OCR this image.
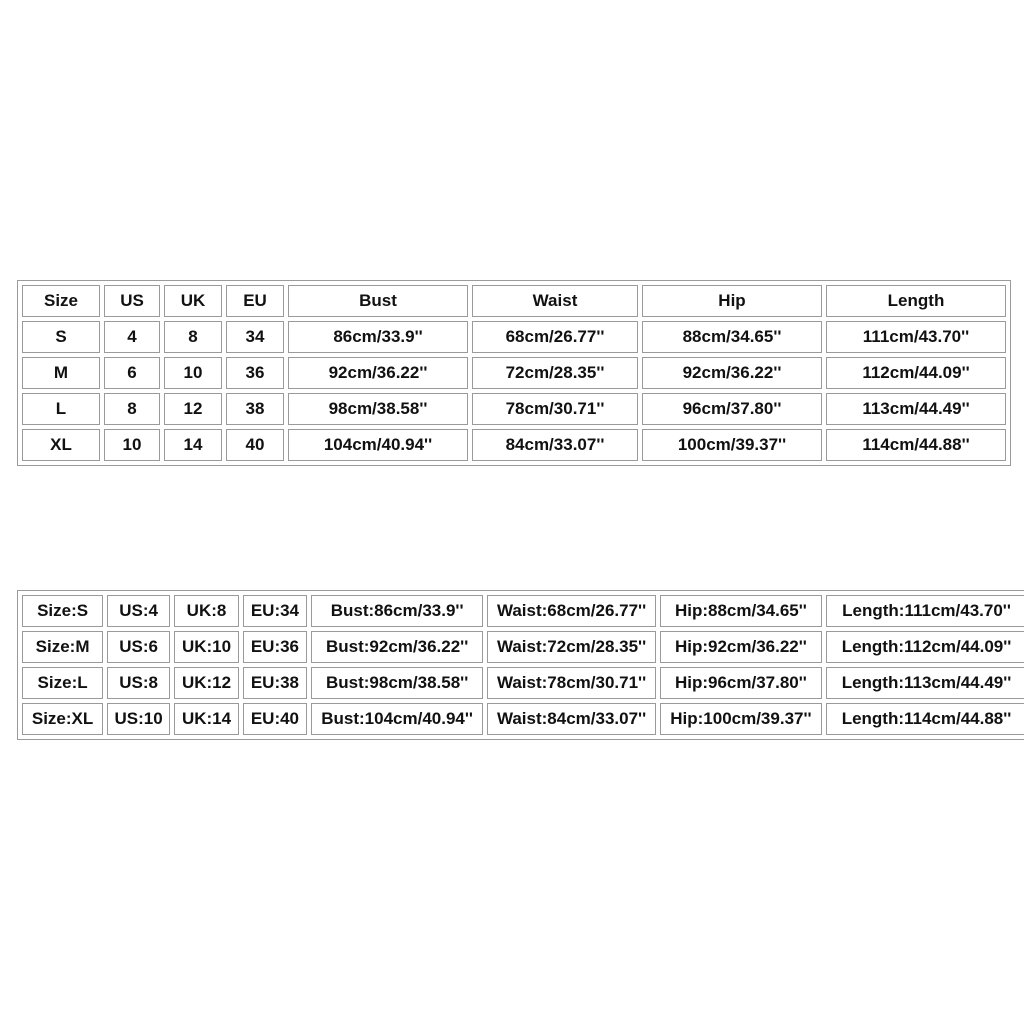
Size	US	UK	EU	Bust	Waist	Hip	Length
S	4	8	34	86cm/33.9''	68cm/26.77''	88cm/34.65''	111cm/43.70''
M	6	10	36	92cm/36.22''	72cm/28.35''	92cm/36.22''	112cm/44.09''
L	8	12	38	98cm/38.58''	78cm/30.71''	96cm/37.80''	113cm/44.49''
XL	10	14	40	104cm/40.94''	84cm/33.07''	100cm/39.37''	114cm/44.88''
Size:S	US:4	UK:8	EU:34	Bust:86cm/33.9''	Waist:68cm/26.77''	Hip:88cm/34.65''	Length:111cm/43.70''
Size:M	US:6	UK:10	EU:36	Bust:92cm/36.22''	Waist:72cm/28.35''	Hip:92cm/36.22''	Length:112cm/44.09''
Size:L	US:8	UK:12	EU:38	Bust:98cm/38.58''	Waist:78cm/30.71''	Hip:96cm/37.80''	Length:113cm/44.49''
Size:XL	US:10	UK:14	EU:40	Bust:104cm/40.94''	Waist:84cm/33.07''	Hip:100cm/39.37''	Length:114cm/44.88''
